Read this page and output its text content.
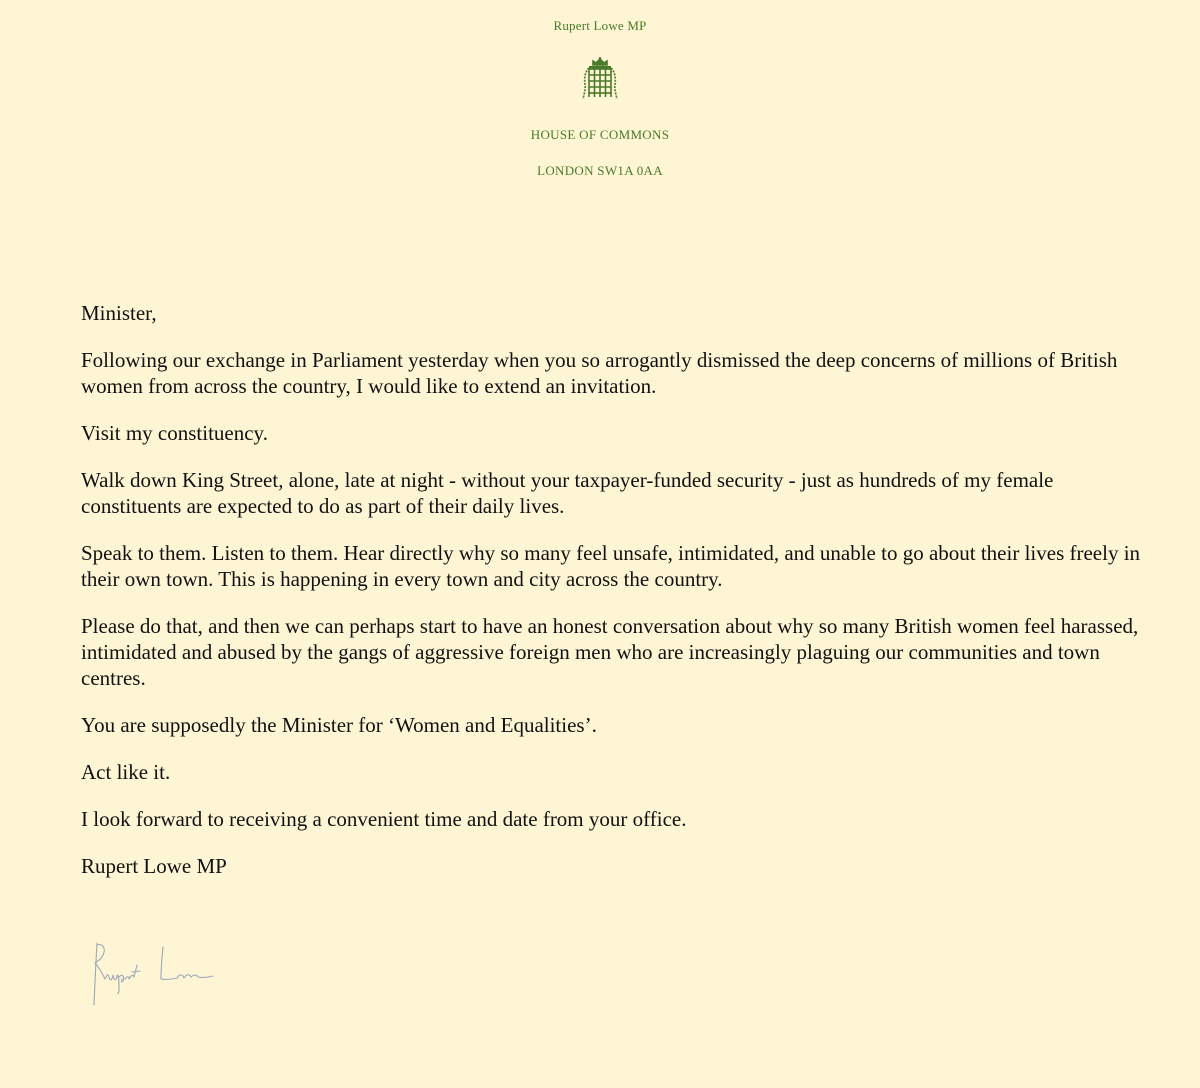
Rupert Lowe MP
HOUSE OF COMMONS
LONDON SW1A 0AA

Minister,

Following our exchange in Parliament yesterday when you so arrogantly dismissed the deep concerns of millions of British women from across the country, I would like to extend an invitation.

Visit my constituency.

Walk down King Street, alone, late at night - without your taxpayer-funded security - just as hundreds of my female constituents are expected to do as part of their daily lives.

Speak to them. Listen to them. Hear directly why so many feel unsafe, intimidated, and unable to go about their lives freely in their own town. This is happening in every town and city across the country.

Please do that, and then we can perhaps start to have an honest conversation about why so many British women feel harassed, intimidated and abused by the gangs of aggressive foreign men who are increasingly plaguing our communities and town centres.

You are supposedly the Minister for ‘Women and Equalities’.

Act like it.

I look forward to receiving a convenient time and date from your office.

Rupert Lowe MP
